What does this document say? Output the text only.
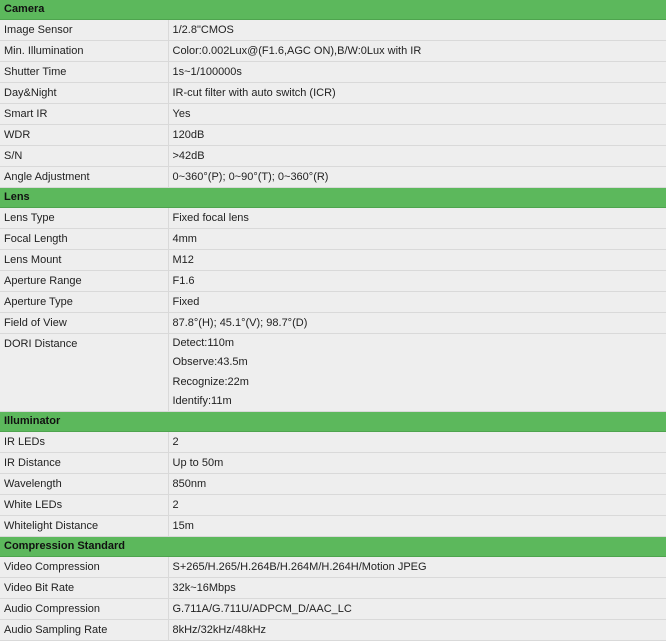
Camera	
Image Sensor	1/2.8"CMOS
Min. Illumination	Color:0.002Lux@(F1.6,AGC ON),B/W:0Lux with IR
Shutter Time	1s~1/100000s
Day&Night	IR-cut filter with auto switch (ICR)
Smart IR	Yes
WDR	120dB
S/N	>42dB
Angle Adjustment	0~360°(P); 0~90°(T); 0~360°(R)
Lens	
Lens Type	Fixed focal lens
Focal Length	4mm
Lens Mount	M12
Aperture Range	F1.6
Aperture Type	Fixed
Field of View	87.8°(H); 45.1°(V); 98.7°(D)
DORI Distance	Detect:110m
Observe:43.5m
Recognize:22m
Identify:11m

Illuminator	
IR LEDs	2
IR Distance	Up to 50m
Wavelength	850nm
White LEDs	2
Whitelight Distance	15m
Compression Standard	
Video Compression	S+265/H.265/H.264B/H.264M/H.264H/Motion JPEG
Video Bit Rate	32k~16Mbps
Audio Compression	G.711A/G.711U/ADPCM_D/AAC_LC
Audio Sampling Rate	8kHz/32kHz/48kHz
